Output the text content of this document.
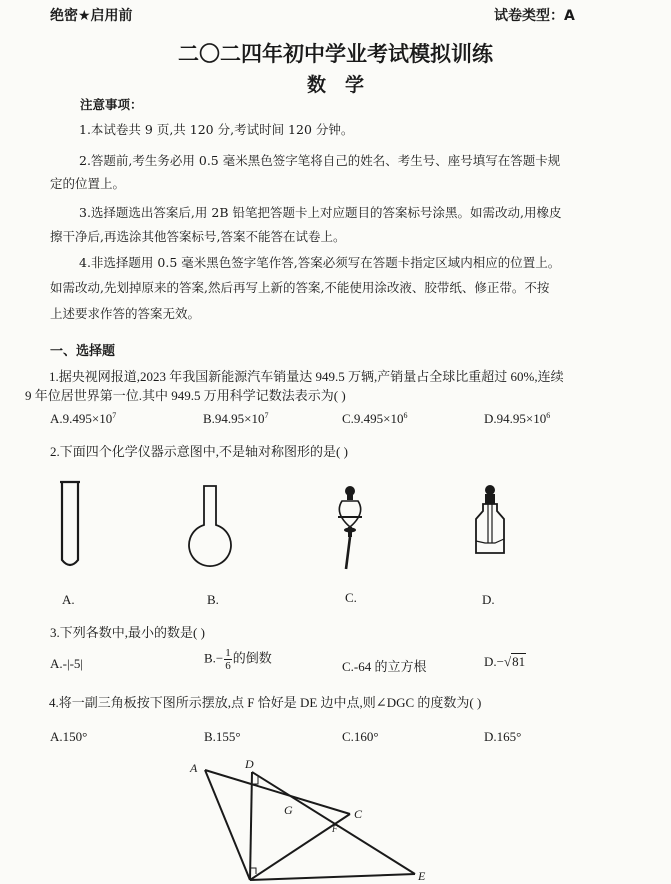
绝密★启用前	试卷类型：A
二〇二四年初中学业考试模拟训练
数　学
注意事项：
1.本试卷共 9 页,共 120 分,考试时间 120 分钟。
2.答题前,考生务必用 0.5 毫米黑色签字笔将自己的姓名、考生号、座号填写在答题卡规
定的位置上。
3.选择题选出答案后,用 2B 铅笔把答题卡上对应题目的答案标号涂黑。如需改动,用橡皮
擦干净后,再选涂其他答案标号,答案不能答在试卷上。
4.非选择题用 0.5 毫米黑色签字笔作答,答案必须写在答题卡指定区域内相应的位置上。
如需改动,先划掉原来的答案,然后再写上新的答案,不能使用涂改液、胶带纸、修正带。不按
上述要求作答的答案无效。
一、选择题
1.据央视网报道,2023 年我国新能源汽车销量达 949.5 万辆,产销量占全球比重超过 60%,连续
9 年位居世界第一位.其中 949.5 万用科学记数法表示为( )
$A.9.495\times 10^7$	$B.94.95\times 10^7$	$C.9.495\times 10^6$	$D.94.95\times 10^6$
2.下面四个化学仪器示意图中,不是轴对称图形的是( )
A.	B.	C.	D.
3.下列各数中,最小的数是( )
A.-|-5|	$B.- \frac{1}{6}$ 的倒数
C.-64 的立方根	D.−√81
4.将一副三角板按下图所示摆放,点 F 恰好是 DE 边中点,则∠DGC 的度数为( )
A.150°	B.155°	C.160°	D.165°
A	D
G	C
F
E
